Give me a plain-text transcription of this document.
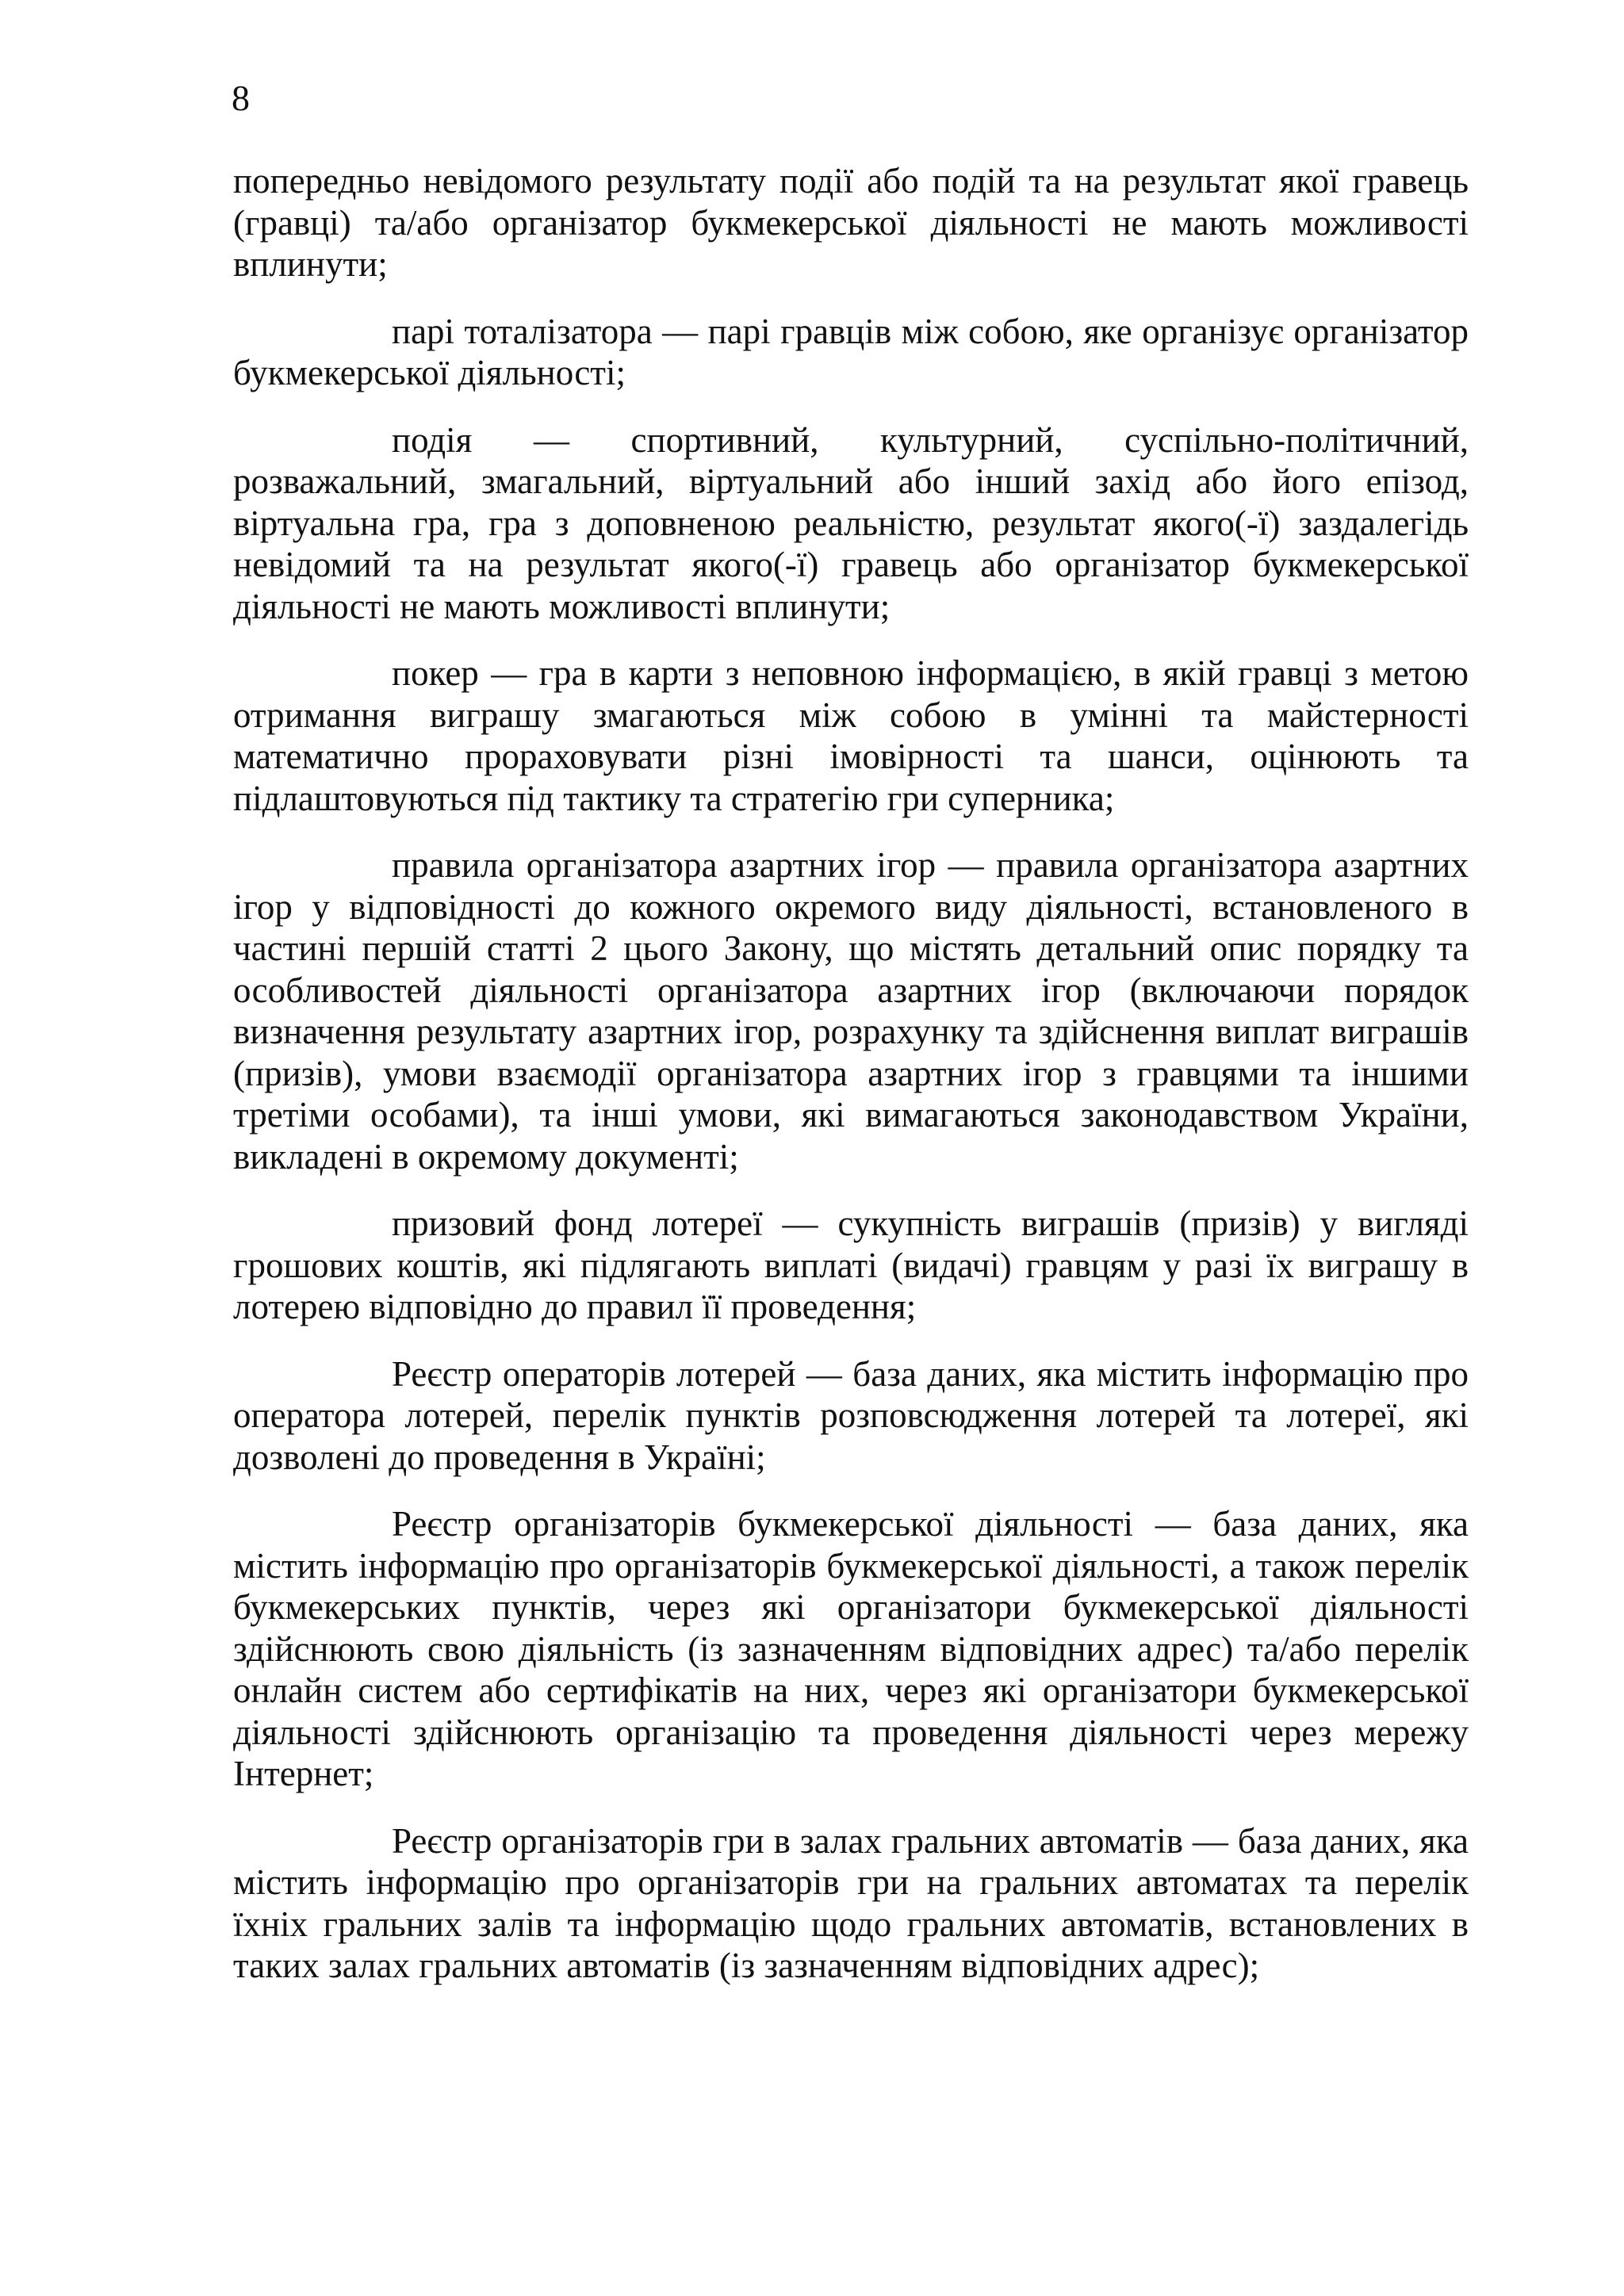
8

попередньо невідомого результату події або подій та на результат якої гравець (гравці) та/або організатор букмекерської діяльності не мають можливості вплинути;

парі тоталізатора — парі гравців між собою, яке організує організатор букмекерської діяльності;

подія — спортивний, культурний, суспільно-політичний, розважальний, змагальний, віртуальний або інший захід або його епізод, віртуальна гра, гра з доповненою реальністю, результат якого(-ї) заздалегідь невідомий та на результат якого(-ї) гравець або організатор букмекерської діяльності не мають можливості вплинути;

покер — гра в карти з неповною інформацією, в якій гравці з метою отримання виграшу змагаються між собою в умінні та майстерності математично прораховувати різні імовірності та шанси, оцінюють та підлаштовуються під тактику та стратегію гри суперника;

правила організатора азартних ігор — правила організатора азартних ігор у відповідності до кожного окремого виду діяльності, встановленого в частині першій статті 2 цього Закону, що містять детальний опис порядку та особливостей діяльності організатора азартних ігор (включаючи порядок визначення результату азартних ігор, розрахунку та здійснення виплат виграшів (призів), умови взаємодії організатора азартних ігор з гравцями та іншими третіми особами), та інші умови, які вимагаються законодавством України, викладені в окремому документі;

призовий фонд лотереї — сукупність виграшів (призів) у вигляді грошових коштів, які підлягають виплаті (видачі) гравцям у разі їх виграшу в лотерею відповідно до правил її проведення;

Реєстр операторів лотерей — база даних, яка містить інформацію про оператора лотерей, перелік пунктів розповсюдження лотерей та лотереї, які дозволені до проведення в Україні;

Реєстр організаторів букмекерської діяльності — база даних, яка містить інформацію про організаторів букмекерської діяльності, а також перелік букмекерських пунктів, через які організатори букмекерської діяльності здійснюють свою діяльність (із зазначенням відповідних адрес) та/або перелік онлайн систем або сертифікатів на них, через які організатори букмекерської діяльності здійснюють організацію та проведення діяльності через мережу Інтернет;

Реєстр організаторів гри в залах гральних автоматів — база даних, яка містить інформацію про організаторів гри на гральних автоматах та перелік їхніх гральних залів та інформацію щодо гральних автоматів, встановлених в таких залах гральних автоматів (із зазначенням відповідних адрес);
